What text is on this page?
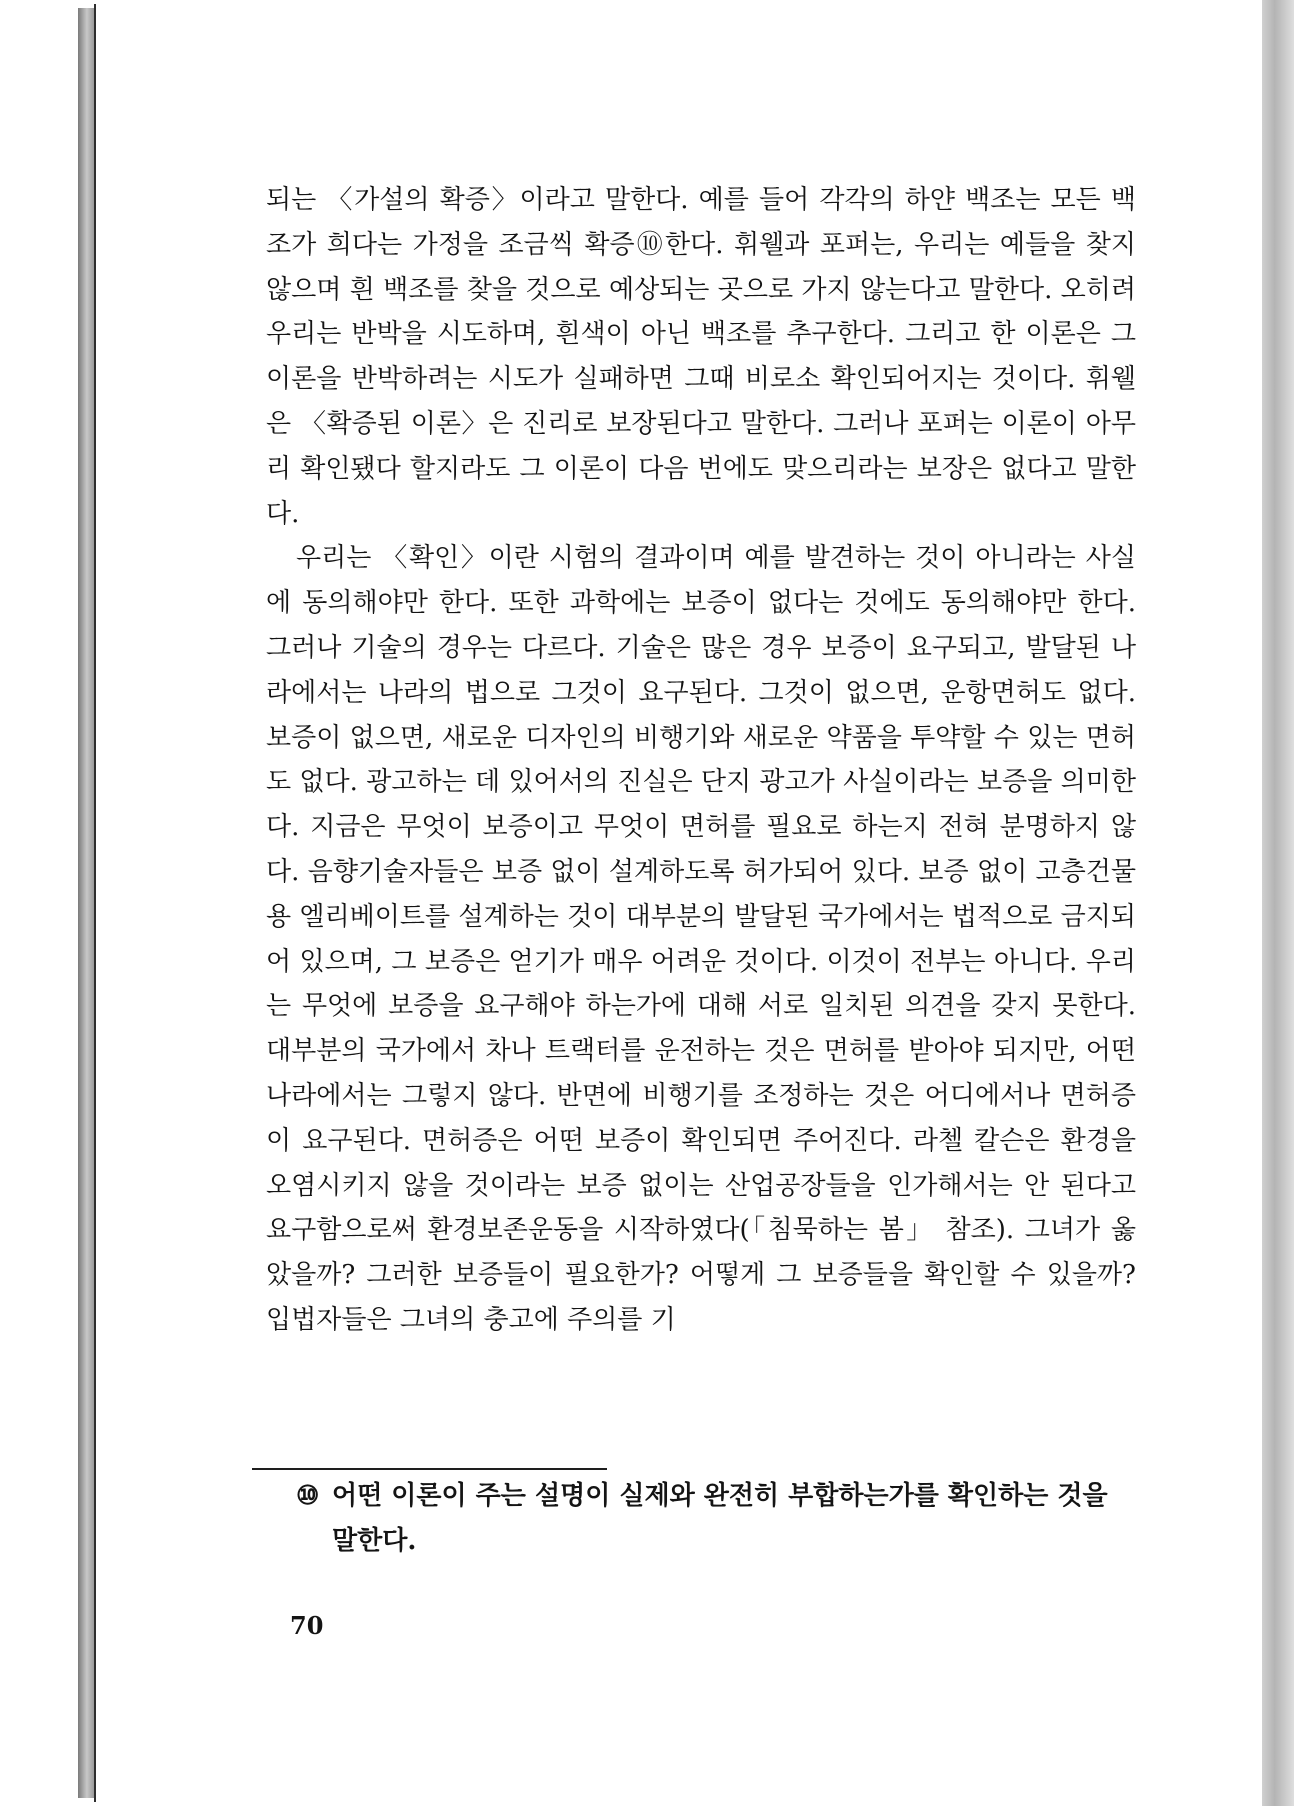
되는 〈가설의 확증〉이라고 말한다. 예를 들어 각각의 하얀 백조는 모든 백조가 희다는 가정을 조금씩 확증⑩한다. 휘웰과 포퍼는, 우리는 예들을 찾지 않으며 흰 백조를 찾을 것으로 예상되는 곳으로 가지 않는다고 말한다. 오히려 우리는 반박을 시도하며, 흰색이 아닌 백조를 추구한다. 그리고 한 이론은 그 이론을 반박하려는 시도가 실패하면 그때 비로소 확인되어지는 것이다. 휘웰은 〈확증된 이론〉은 진리로 보장된다고 말한다. 그러나 포퍼는 이론이 아무리 확인됐다 할지라도 그 이론이 다음 번에도 맞으리라는 보장은 없다고 말한다.

우리는 〈확인〉이란 시험의 결과이며 예를 발견하는 것이 아니라는 사실에 동의해야만 한다. 또한 과학에는 보증이 없다는 것에도 동의해야만 한다. 그러나 기술의 경우는 다르다. 기술은 많은 경우 보증이 요구되고, 발달된 나라에서는 나라의 법으로 그것이 요구된다. 그것이 없으면, 운항면허도 없다. 보증이 없으면, 새로운 디자인의 비행기와 새로운 약품을 투약할 수 있는 면허도 없다. 광고하는 데 있어서의 진실은 단지 광고가 사실이라는 보증을 의미한다. 지금은 무엇이 보증이고 무엇이 면허를 필요로 하는지 전혀 분명하지 않다. 음향기술자들은 보증 없이 설계하도록 허가되어 있다. 보증 없이 고층건물용 엘리베이트를 설계하는 것이 대부분의 발달된 국가에서는 법적으로 금지되어 있으며, 그 보증은 얻기가 매우 어려운 것이다. 이것이 전부는 아니다. 우리는 무엇에 보증을 요구해야 하는가에 대해 서로 일치된 의견을 갖지 못한다. 대부분의 국가에서 차나 트랙터를 운전하는 것은 면허를 받아야 되지만, 어떤 나라에서는 그렇지 않다. 반면에 비행기를 조정하는 것은 어디에서나 면허증이 요구된다. 면허증은 어떤 보증이 확인되면 주어진다. 라첼 칼슨은 환경을 오염시키지 않을 것이라는 보증 없이는 산업공장들을 인가해서는 안 된다고 요구함으로써 환경보존운동을 시작하였다(「침묵하는 봄」 참조). 그녀가 옳았을까? 그러한 보증들이 필요한가? 어떻게 그 보증들을 확인할 수 있을까? 입법자들은 그녀의 충고에 주의를 기

⑩ 어떤 이론이 주는 설명이 실제와 완전히 부합하는가를 확인하는 것을 말한다.
70
